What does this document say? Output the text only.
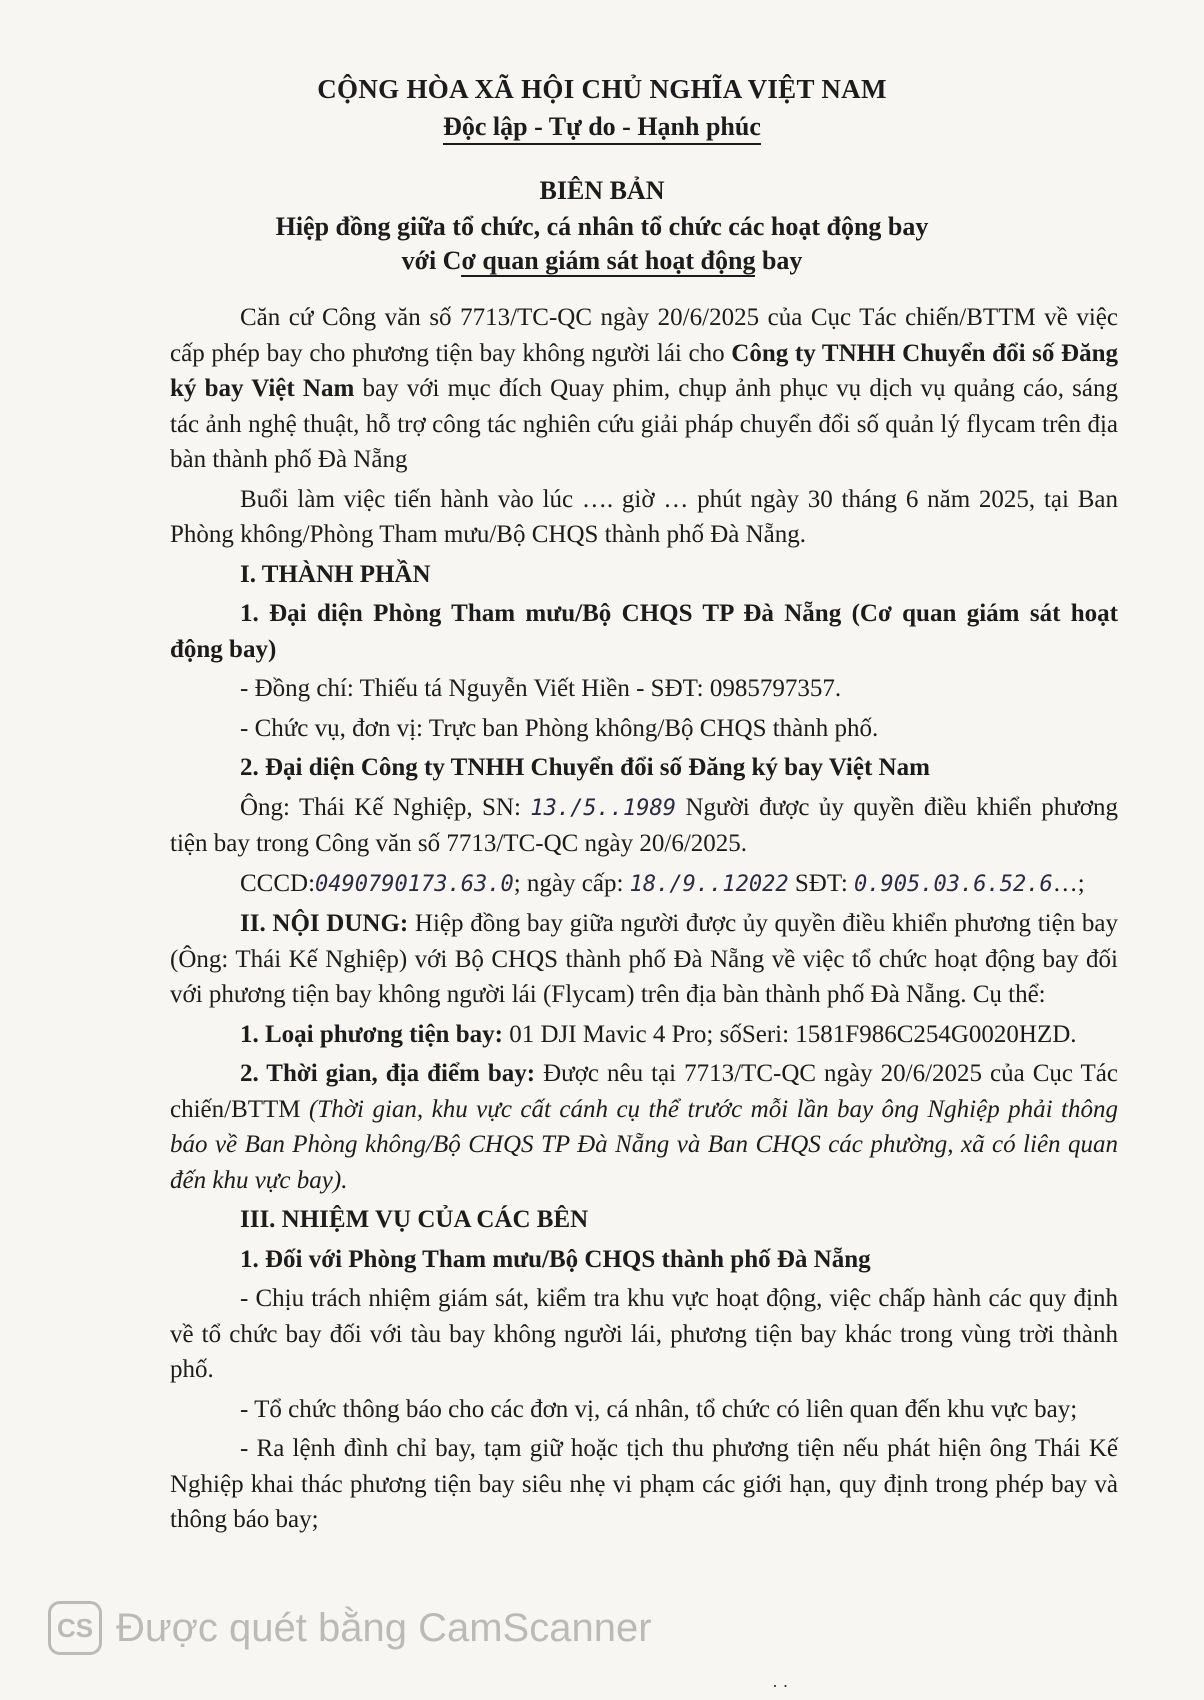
CỘNG HÒA XÃ HỘI CHỦ NGHĨA VIỆT NAM
Độc lập - Tự do - Hạnh phúc
BIÊN BẢN
Hiệp đồng giữa tổ chức, cá nhân tổ chức các hoạt động bay
với Cơ quan giám sát hoạt động bay

Căn cứ Công văn số 7713/TC-QC ngày 20/6/2025 của Cục Tác chiến/BTTM về việc cấp phép bay cho phương tiện bay không người lái cho Công ty TNHH Chuyển đổi số Đăng ký bay Việt Nam bay với mục đích Quay phim, chụp ảnh phục vụ dịch vụ quảng cáo, sáng tác ảnh nghệ thuật, hỗ trợ công tác nghiên cứu giải pháp chuyển đổi số quản lý flycam trên địa bàn thành phố Đà Nẵng

Buổi làm việc tiến hành vào lúc …. giờ … phút ngày 30 tháng 6 năm 2025, tại Ban Phòng không/Phòng Tham mưu/Bộ CHQS thành phố Đà Nẵng.

I. THÀNH PHẦN

1. Đại diện Phòng Tham mưu/Bộ CHQS TP Đà Nẵng (Cơ quan giám sát hoạt động bay)

- Đồng chí: Thiếu tá Nguyễn Viết Hiền - SĐT: 0985797357.

- Chức vụ, đơn vị: Trực ban Phòng không/Bộ CHQS thành phố.

2. Đại diện Công ty TNHH Chuyển đổi số Đăng ký bay Việt Nam

Ông: Thái Kế Nghiệp, SN: 13./5..1989 Người được ủy quyền điều khiển phương tiện bay trong Công văn số 7713/TC-QC ngày 20/6/2025.

CCCD:0490790173.63.0; ngày cấp: 18./9..12022 SĐT: 0.905.03.6.52.6…;

II. NỘI DUNG: Hiệp đồng bay giữa người được ủy quyền điều khiển phương tiện bay (Ông: Thái Kế Nghiệp) với Bộ CHQS thành phố Đà Nẵng về việc tổ chức hoạt động bay đối với phương tiện bay không người lái (Flycam) trên địa bàn thành phố Đà Nẵng. Cụ thể:

1. Loại phương tiện bay: 01 DJI Mavic 4 Pro; sốSeri: 1581F986C254G0020HZD.

2. Thời gian, địa điểm bay: Được nêu tại 7713/TC-QC ngày 20/6/2025 của Cục Tác chiến/BTTM (Thời gian, khu vực cất cánh cụ thể trước mỗi lần bay ông Nghiệp phải thông báo về Ban Phòng không/Bộ CHQS TP Đà Nẵng và Ban CHQS các phường, xã có liên quan đến khu vực bay).

III. NHIỆM VỤ CỦA CÁC BÊN

1. Đối với Phòng Tham mưu/Bộ CHQS thành phố Đà Nẵng

- Chịu trách nhiệm giám sát, kiểm tra khu vực hoạt động, việc chấp hành các quy định về tổ chức bay đối với tàu bay không người lái, phương tiện bay khác trong vùng trời thành phố.

- Tổ chức thông báo cho các đơn vị, cá nhân, tổ chức có liên quan đến khu vực bay;

- Ra lệnh đình chỉ bay, tạm giữ hoặc tịch thu phương tiện nếu phát hiện ông Thái Kế Nghiệp khai thác phương tiện bay siêu nhẹ vi phạm các giới hạn, quy định trong phép bay và thông báo bay;

CS Được quét bằng CamScanner
· ·
